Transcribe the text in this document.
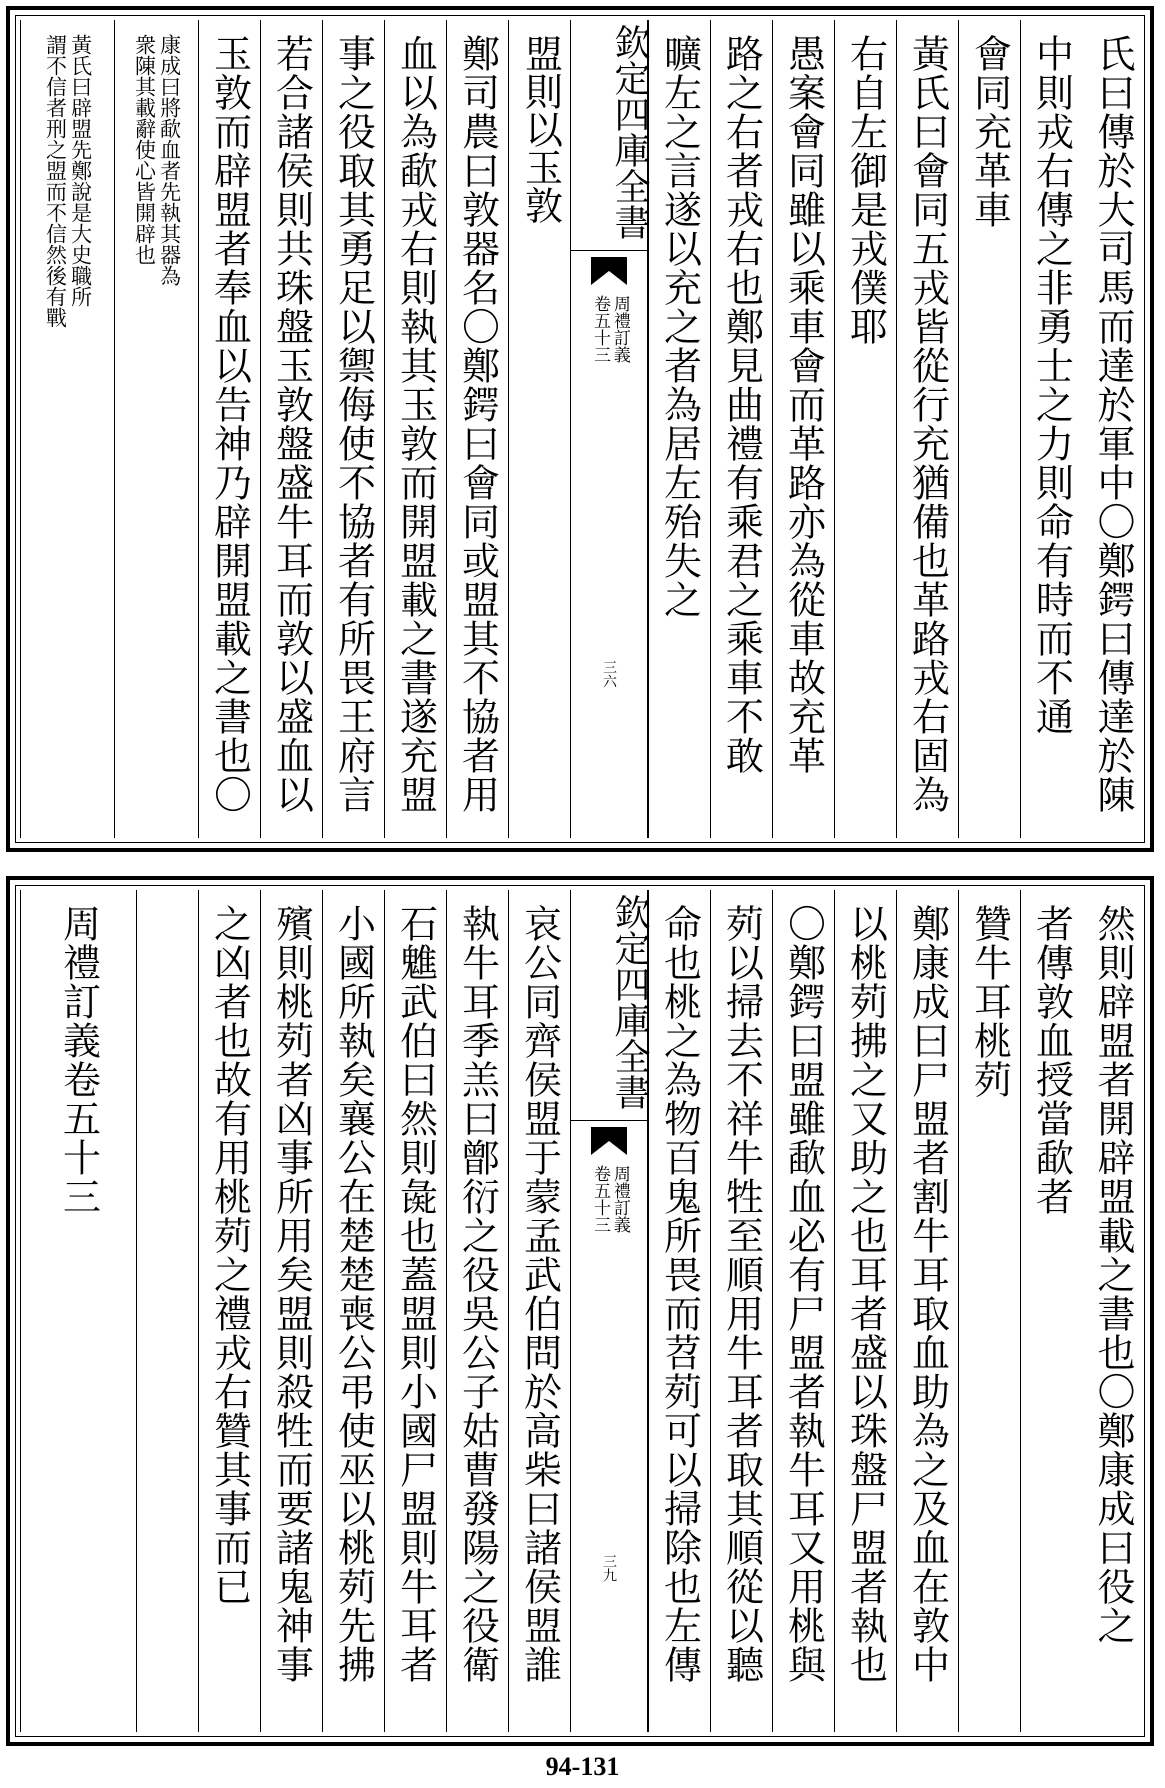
氏曰傳於大司馬而達於軍中〇鄭鍔曰傳達於陳
中則戎右傳之非勇士之力則命有時而不通
會同充革車
黃氏曰會同五戎皆從行充猶備也革路戎右固為
右自左御是戎僕耶
愚案會同雖以乘車會而革路亦為從車故充革
路之右者戎右也鄭見曲禮有乘君之乘車不敢
曠左之言遂以充之者為居左殆失之
欽定四庫全書
周禮訂義
卷五十三
三六
盟則以玉敦
鄭司農曰敦器名〇鄭鍔曰會同或盟其不協者用
血以為歃戎右則執其玉敦而開盟載之書遂充盟
事之役取其勇足以禦侮使不協者有所畏王府言
若合諸侯則共珠盤玉敦盤盛牛耳而敦以盛血以
玉敦而辟盟者奉血以告神乃辟開盟載之書也〇
康成曰將歃血者先執其器為
衆陳其載辭使心皆開辟也
黃氏曰辟盟先鄭說是大史職所
謂不信者刑之盟而不信然後有戰
然則辟盟者開辟盟載之書也〇鄭康成曰役之
者傳敦血授當歃者
贊牛耳桃茢
鄭康成曰尸盟者割牛耳取血助為之及血在敦中
以桃茢拂之又助之也耳者盛以珠盤尸盟者執也
〇鄭鍔曰盟雖歃血必有尸盟者執牛耳又用桃與
茢以掃去不祥牛牲至順用牛耳者取其順從以聽
命也桃之為物百鬼所畏而苕茢可以掃除也左傳
欽定四庫全書
周禮訂義
卷五十三
三九
哀公同齊侯盟于蒙孟武伯問於高柴曰諸侯盟誰
執牛耳季羔曰鄫衍之役吳公子姑曹發陽之役衛
石魋武伯曰然則彘也蓋盟則小國尸盟則牛耳者
小國所執矣襄公在楚楚喪公弔使巫以桃茢先拂
殯則桃茢者凶事所用矣盟則殺牲而要諸鬼神事
之凶者也故有用桃茢之禮戎右贊其事而已
周禮訂義卷五十三
94-131
